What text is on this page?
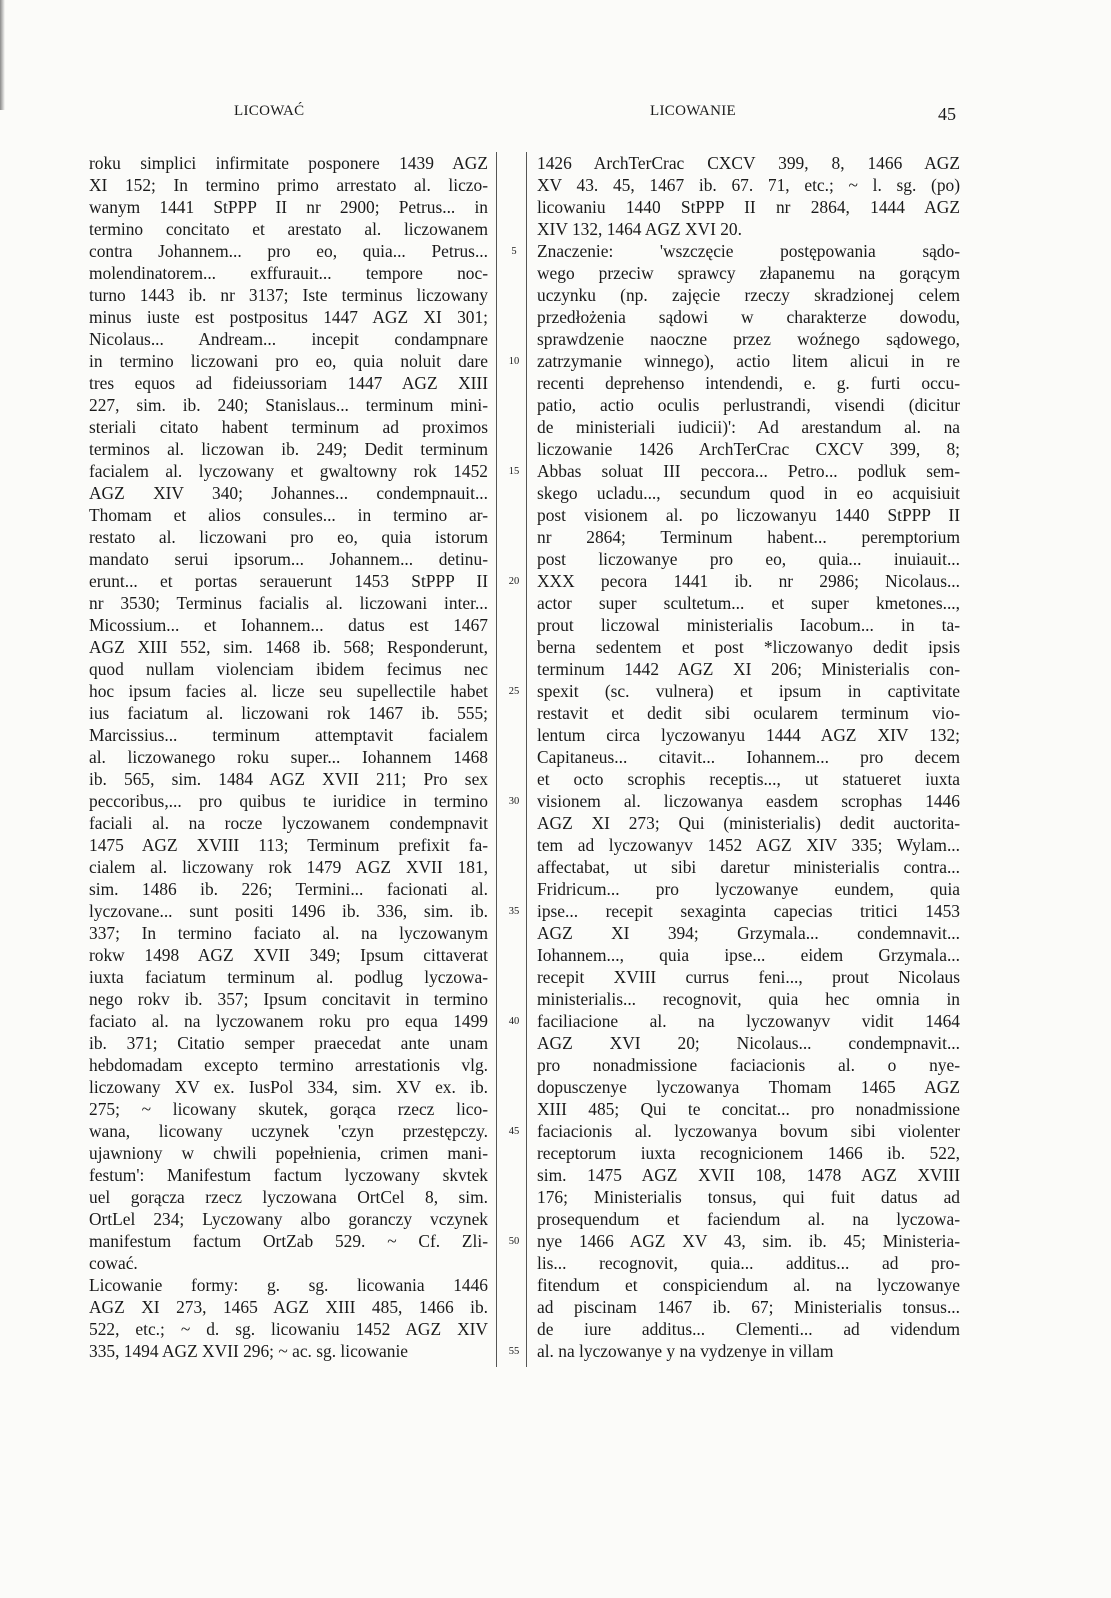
LICOWAĆ	LICOWANIE	45
roku simplici infirmitate posponere 1439 AGZ
XI 152; In termino primo arrestato al. liczo-
wanym 1441 StPPP II nr 2900; Petrus... in
termino concitato et arestato al. liczowanem
contra Johannem... pro eo, quia... Petrus...
molendinatorem... exffurauit... tempore noc-
turno 1443 ib. nr 3137; Iste terminus liczowany
minus iuste est postpositus 1447 AGZ XI 301;
Nicolaus... Andream... incepit condampnare
in termino liczowani pro eo, quia noluit dare
tres equos ad fideiussoriam 1447 AGZ XIII
227, sim. ib. 240; Stanislaus... terminum mini-
steriali citato habent terminum ad proximos
terminos al. liczowan ib. 249; Dedit terminum
facialem al. lyczowany et gwaltowny rok 1452
AGZ XIV 340; Johannes... condempnauit...
Thomam et alios consules... in termino ar-
restato al. liczowani pro eo, quia istorum
mandato serui ipsorum... Johannem... detinu-
erunt... et portas serauerunt 1453 StPPP II
nr 3530; Terminus facialis al. liczowani inter...
Micossium... et Iohannem... datus est 1467
AGZ XIII 552, sim. 1468 ib. 568; Responderunt,
quod nullam violenciam ibidem fecimus nec
hoc ipsum facies al. licze seu supellectile habet
ius faciatum al. liczowani rok 1467 ib. 555;
Marcissius... terminum attemptavit facialem
al. liczowanego roku super... Iohannem 1468
ib. 565, sim. 1484 AGZ XVII 211; Pro sex
peccoribus,... pro quibus te iuridice in termino
faciali al. na rocze lyczowanem condempnavit
1475 AGZ XVIII 113; Terminum prefixit fa-
cialem al. liczowany rok 1479 AGZ XVII 181,
sim. 1486 ib. 226; Termini... facionati al.
lyczovane... sunt positi 1496 ib. 336, sim. ib.
337; In termino faciato al. na lyczowanym
rokw 1498 AGZ XVII 349; Ipsum cittaverat
iuxta faciatum terminum al. podlug lyczowa-
nego rokv ib. 357; Ipsum concitavit in termino
faciato al. na lyczowanem roku pro equa 1499
ib. 371; Citatio semper praecedat ante unam
hebdomadam excepto termino arrestationis vlg.
liczowany XV ex. IusPol 334, sim. XV ex. ib.
275; ~ licowany skutek, gorąca rzecz lico-
wana, licowany uczynek 'czyn przestępczy.
ujawniony w chwili popełnienia, crimen mani-
festum': Manifestum factum lyczowany skvtek
uel gorącza rzecz lyczowana OrtCel 8, sim.
OrtLel 234; Lyczowany albo goranczy vczynek
manifestum factum OrtZab 529. ~ Cf. Zli-
cować.
Licowanie formy: g. sg. licowania 1446
AGZ XI 273, 1465 AGZ XIII 485, 1466 ib.
522, etc.; ~ d. sg. licowaniu 1452 AGZ XIV
335, 1494 AGZ XVII 296; ~ ac. sg. licowanie
5
10
15
20
25
30
35
40
45
50
55
1426 ArchTerCrac CXCV 399, 8, 1466 AGZ
XV 43. 45, 1467 ib. 67. 71, etc.; ~ l. sg. (po)
licowaniu 1440 StPPP II nr 2864, 1444 AGZ
XIV 132, 1464 AGZ XVI 20.
Znaczenie: 'wszczęcie postępowania sądo-
wego przeciw sprawcy złapanemu na gorącym
uczynku (np. zajęcie rzeczy skradzionej celem
przedłożenia sądowi w charakterze dowodu,
sprawdzenie naoczne przez woźnego sądowego,
zatrzymanie winnego), actio litem alicui in re
recenti deprehenso intendendi, e. g. furti occu-
patio, actio oculis perlustrandi, visendi (dicitur
de ministeriali iudicii)': Ad arestandum al. na
liczowanie 1426 ArchTerCrac CXCV 399, 8;
Abbas soluat III peccora... Petro... podluk sem-
skego ucladu..., secundum quod in eo acquisiuit
post visionem al. po liczowanyu 1440 StPPP II
nr 2864; Terminum habent... peremptorium
post liczowanye pro eo, quia... inuiauit...
XXX pecora 1441 ib. nr 2986; Nicolaus...
actor super scultetum... et super kmetones...,
prout liczowal ministerialis Iacobum... in ta-
berna sedentem et post *liczowanyo dedit ipsis
terminum 1442 AGZ XI 206; Ministerialis con-
spexit (sc. vulnera) et ipsum in captivitate
restavit et dedit sibi ocularem terminum vio-
lentum circa lyczowanyu 1444 AGZ XIV 132;
Capitaneus... citavit... Iohannem... pro decem
et octo scrophis receptis..., ut statueret iuxta
visionem al. liczowanya easdem scrophas 1446
AGZ XI 273; Qui (ministerialis) dedit auctorita-
tem ad lyczowanyv 1452 AGZ XIV 335; Wylam...
affectabat, ut sibi daretur ministerialis contra...
Fridricum... pro lyczowanye eundem, quia
ipse... recepit sexaginta capecias tritici 1453
AGZ XI 394; Grzymala... condemnavit...
Iohannem..., quia ipse... eidem Grzymala...
recepit XVIII currus feni..., prout Nicolaus
ministerialis... recognovit, quia hec omnia in
faciliacione al. na lyczowanyv vidit 1464
AGZ XVI 20; Nicolaus... condempnavit...
pro nonadmissione faciacionis al. o nye-
dopusczenye lyczowanya Thomam 1465 AGZ
XIII 485; Qui te concitat... pro nonadmissione
faciacionis al. lyczowanya bovum sibi violenter
receptorum iuxta recognicionem 1466 ib. 522,
sim. 1475 AGZ XVII 108, 1478 AGZ XVIII
176; Ministerialis tonsus, qui fuit datus ad
prosequendum et faciendum al. na lyczowa-
nye 1466 AGZ XV 43, sim. ib. 45; Ministeria-
lis... recognovit, quia... additus... ad pro-
fitendum et conspiciendum al. na lyczowanye
ad piscinam 1467 ib. 67; Ministerialis tonsus...
de iure additus... Clementi... ad videndum
al. na lyczowanye y na vydzenye in villam
